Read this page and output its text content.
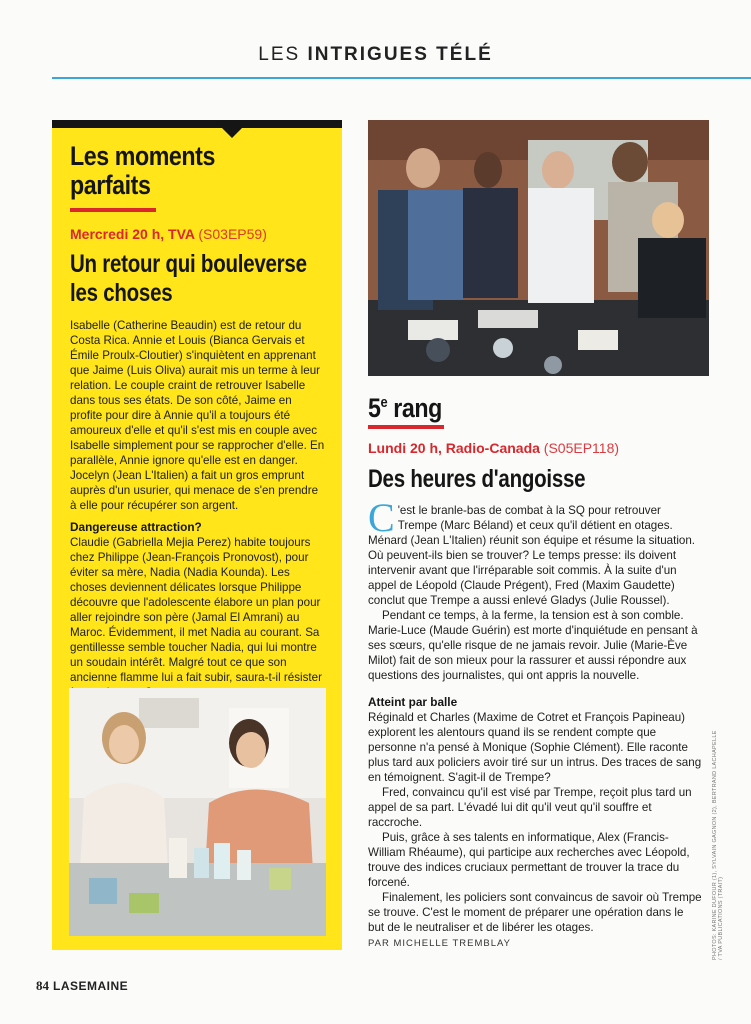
LES INTRIGUES TÉLÉ
Les moments
parfaits
Mercredi 20 h, TVA (S03EP59)
Un retour qui bouleverse
les choses

Isabelle (Catherine Beaudin) est de retour du Costa Rica. Annie et Louis (Bianca Gervais et Émile Proulx-Cloutier) s'inquiètent en apprenant que Jaime (Luis Oliva) aurait mis un terme à leur relation. Le couple craint de retrouver Isabelle dans tous ses états. De son côté, Jaime en profite pour dire à Annie qu'il a toujours été amoureux d'elle et qu'il s'est mis en couple avec Isabelle simplement pour se rapprocher d'elle. En parallèle, Annie ignore qu'elle est en danger. Jocelyn (Jean L'Italien) a fait un gros emprunt auprès d'un usurier, qui menace de s'en prendre à elle pour récupérer son argent.

Dangereuse attraction?

Claudie (Gabriella Mejia Perez) habite toujours chez Philippe (Jean-François Pronovost), pour éviter sa mère, Nadia (Nadia Kounda). Les choses deviennent délicates lorsque Philippe découvre que l'adolescente élabore un plan pour aller rejoindre son père (Jamal El Amrani) au Maroc. Évidemment, il met Nadia au courant. Sa gentillesse semble toucher Nadia, qui lui montre un soudain intérêt. Malgré tout ce que son ancienne flamme lui a fait subir, saura-t-il résister

5e rang
Lundi 20 h, Radio-Canada (S05EP118)
Des heures d'angoisse

C 'est le branle-bas de combat à la SQ pour retrouver Trempe (Marc Béland) et ceux qu'il détient en otages. Ménard (Jean L'Italien) réunit son équipe et résume la situation. Où peuvent-ils bien se trouver? Le temps presse: ils doivent intervenir avant que l'irréparable soit commis. À la suite d'un appel de Léopold (Claude Prégent), Fred (Maxim Gaudette) conclut que Trempe a aussi enlevé Gladys (Julie Roussel).

Pendant ce temps, à la ferme, la tension est à son comble. Marie-Luce (Maude Guérin) est morte d'inquiétude en pensant à ses sœurs, qu'elle risque de ne jamais revoir. Julie (Marie-Ève Milot) fait de son mieux pour la rassurer et aussi répondre aux questions des journalistes, qui ont appris la nouvelle.

Atteint par balle

Réginald et Charles (Maxime de Cotret et François Papineau) explorent les alentours quand ils se rendent compte que personne n'a pensé à Monique (Sophie Clément). Elle raconte plus tard aux policiers avoir tiré sur un intrus. Des traces de sang en témoignent. S'agit-il de Trempe?

Fred, convaincu qu'il est visé par Trempe, reçoit plus tard un appel de sa part. L'évadé lui dit qu'il veut qu'il souffre et raccroche.

Puis, grâce à ses talents en informatique, Alex (Francis-William Rhéaume), qui participe aux recherches avec Léopold, trouve des indices cruciaux permettant de trouver la trace du forcené.

Finalement, les policiers sont convaincus de savoir où Trempe se trouve. C'est le moment de préparer une opération dans le but de le neutraliser et de libérer les otages.

PAR MICHELLE TREMBLAY	PHOTOS: KARINE DUFOUR (1), SYLVAIN GAGNON (2), BERTRAND LACHAPELLE / TVA PUBLICATIONS (TRAIT)
84 LASEMAINE
